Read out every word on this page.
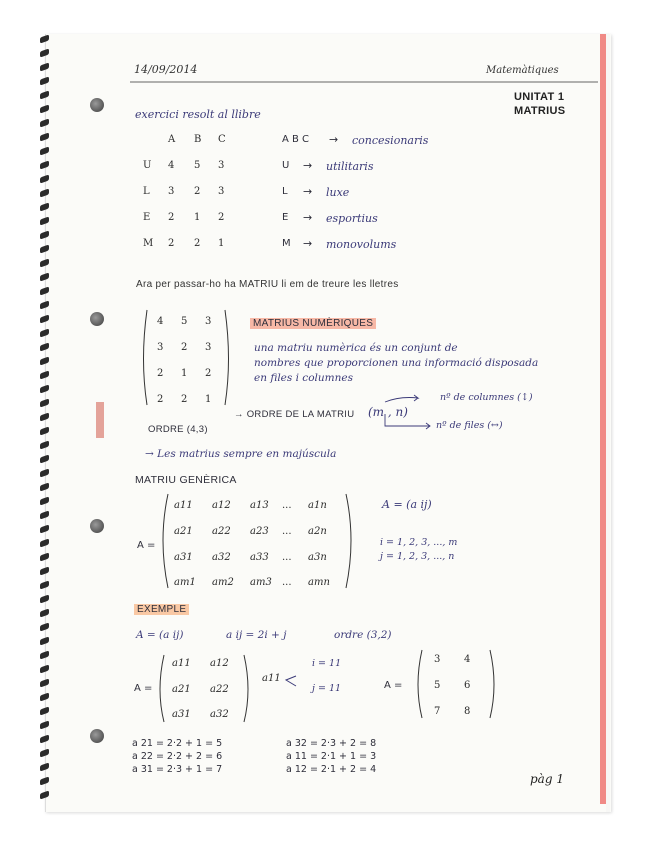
14/09/2014	Matemàtiques
UNITAT 1
MATRIUS
exercici resolt al llibre
A B C
U 4 5 3
L 3 2 3
E 2 1 2
M 2 2 1
A B C → concesionaris
U → utilitaris
L → luxe
E → esportius
M → monovolums
Ara per passar-ho ha MATRIU li em de treure les lletres
4 5 3
3 2 3
2 1 2
2 2 1
MATRIUS NUMÈRIQUES
una matriu numèrica és un conjunt de
nombres que proporcionen una informació disposada
en files i columnes
→ ORDRE DE LA MATRIU (m , n)
nº de columnes (↕)
nº de files (↔)
ORDRE (4,3)
→ Les matrius sempre en majúscula
MATRIU GENÈRICA
A =
a11 a12 a13 ... a1n
a21 a22 a23 ... a2n
a31 a32 a33 ... a3n
am1 am2 am3 ... amn
A = (a ij)
i = 1, 2, 3, ..., m
j = 1, 2, 3, ..., n
EXEMPLE
A = (a ij)	a ij = 2i + j	ordre (3,2)
A =
a11 a12
a21 a22
a31 a32
a11
i = 11
j = 11	A =
3 4
5 6
7 8
a 21 = 2·2 + 1 = 5
a 22 = 2·2 + 2 = 6
a 31 = 2·3 + 1 = 7
a 32 = 2·3 + 2 = 8
a 11 = 2·1 + 1 = 3
a 12 = 2·1 + 2 = 4
pàg 1
